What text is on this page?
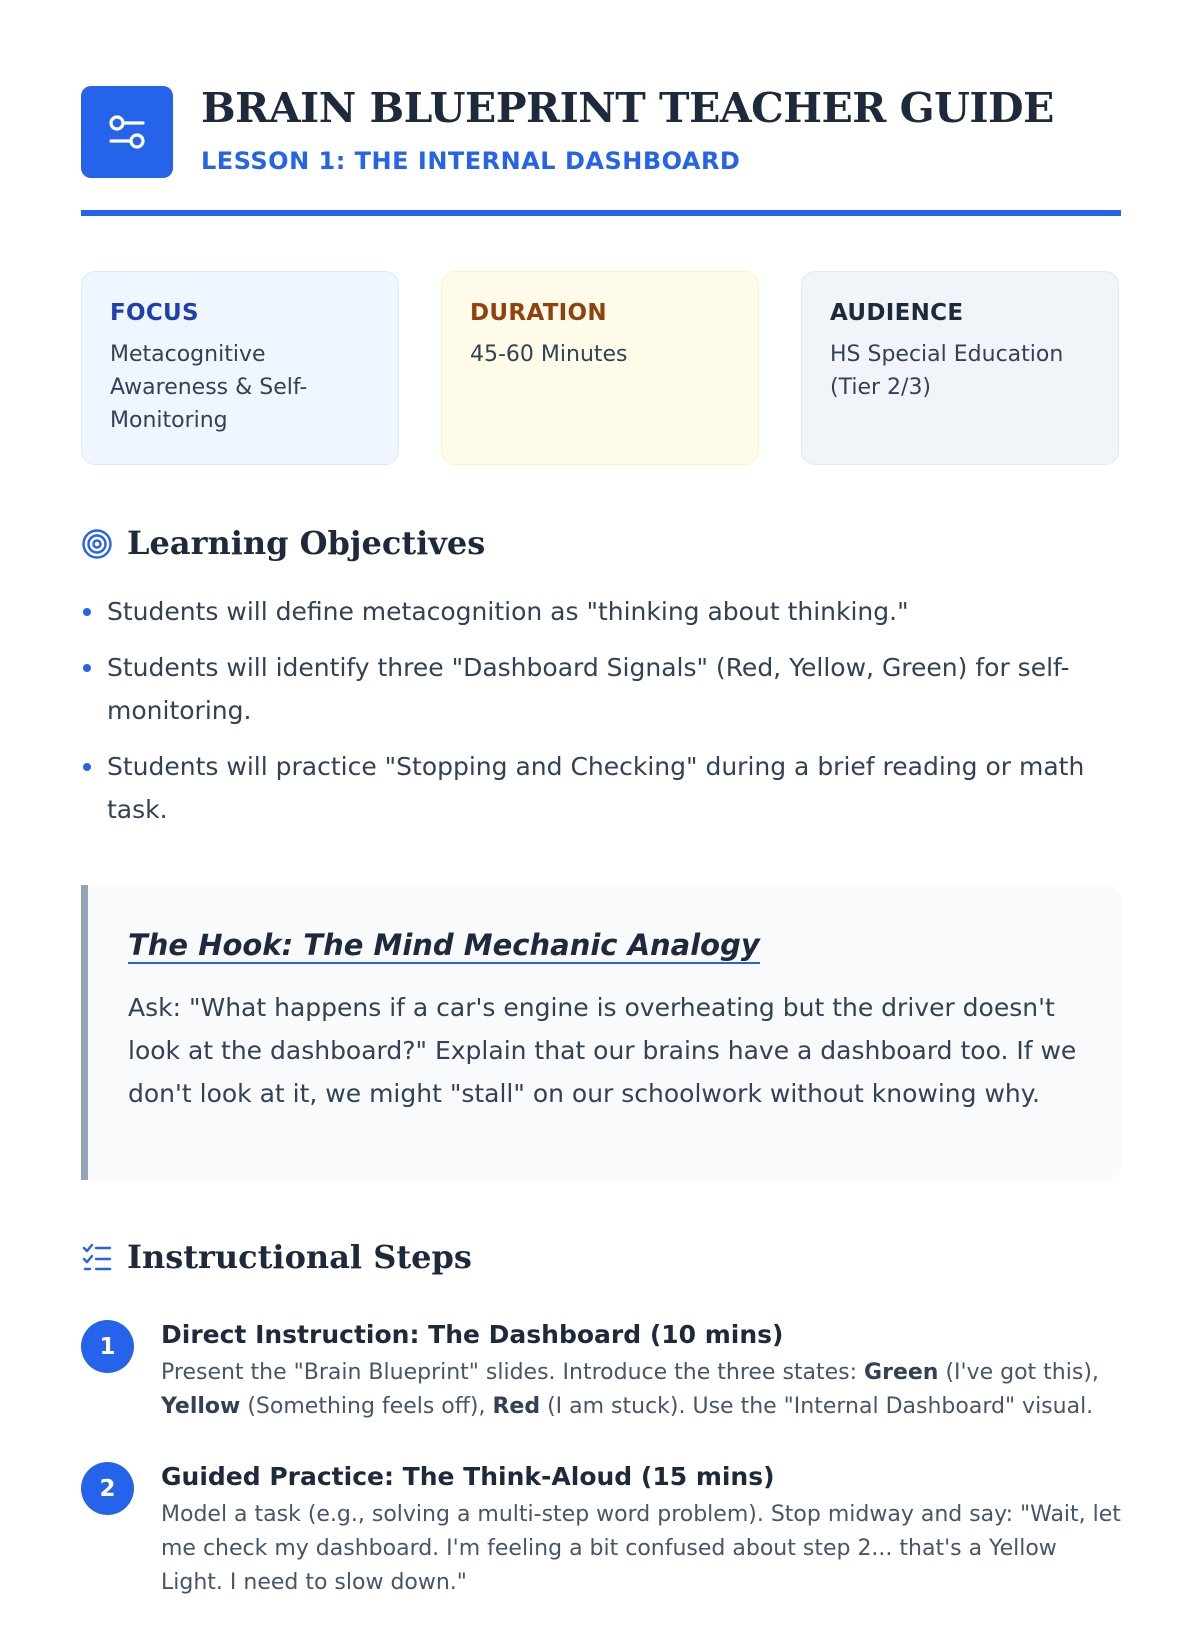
BRAIN BLUEPRINT TEACHER GUIDE
LESSON 1: THE INTERNAL DASHBOARD
FOCUS
Metacognitive Awareness & Self-Monitoring
DURATION
45-60 Minutes
AUDIENCE
HS Special Education (Tier 2/3)
Learning Objectives
Students will define metacognition as "thinking about thinking."
Students will identify three "Dashboard Signals" (Red, Yellow, Green) for self-monitoring.
Students will practice "Stopping and Checking" during a brief reading or math task.
The Hook: The Mind Mechanic Analogy
Ask: "What happens if a car's engine is overheating but the driver doesn't look at the dashboard?" Explain that our brains have a dashboard too. If we don't look at it, we might "stall" on our schoolwork without knowing why.
Instructional Steps
1	Direct Instruction: The Dashboard (10 mins)
Present the "Brain Blueprint" slides. Introduce the three states: Green (I've got this), Yellow (Something feels off), Red (I am stuck). Use the "Internal Dashboard" visual.
2	Guided Practice: The Think-Aloud (15 mins)
Model a task (e.g., solving a multi-step word problem). Stop midway and say: "Wait, let me check my dashboard. I'm feeling a bit confused about step 2... that's a Yellow Light. I need to slow down."
